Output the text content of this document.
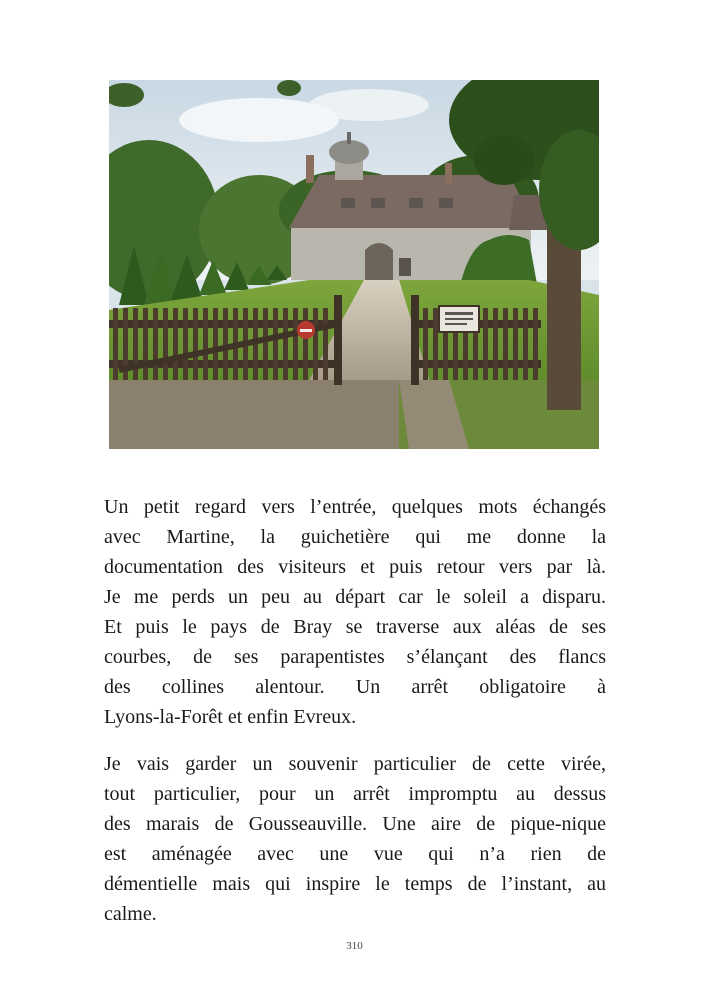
Un petit regard vers l’entrée, quelques mots échangés
avec Martine, la guichetière qui me donne la
documentation des visiteurs et puis retour vers par là.
Je me perds un peu au départ car le soleil a disparu.
Et puis le pays de Bray se traverse aux aléas de ses
courbes, de ses parapentistes s’élançant des flancs
des collines alentour. Un arrêt obligatoire à
Lyons-la-Forêt et enfin Evreux.
Je vais garder un souvenir particulier de cette virée,
tout particulier, pour un arrêt impromptu au dessus
des marais de Gousseauville. Une aire de pique-nique
est aménagée avec une vue qui n’a rien de
démentielle mais qui inspire le temps de l’instant, au
calme.
310
